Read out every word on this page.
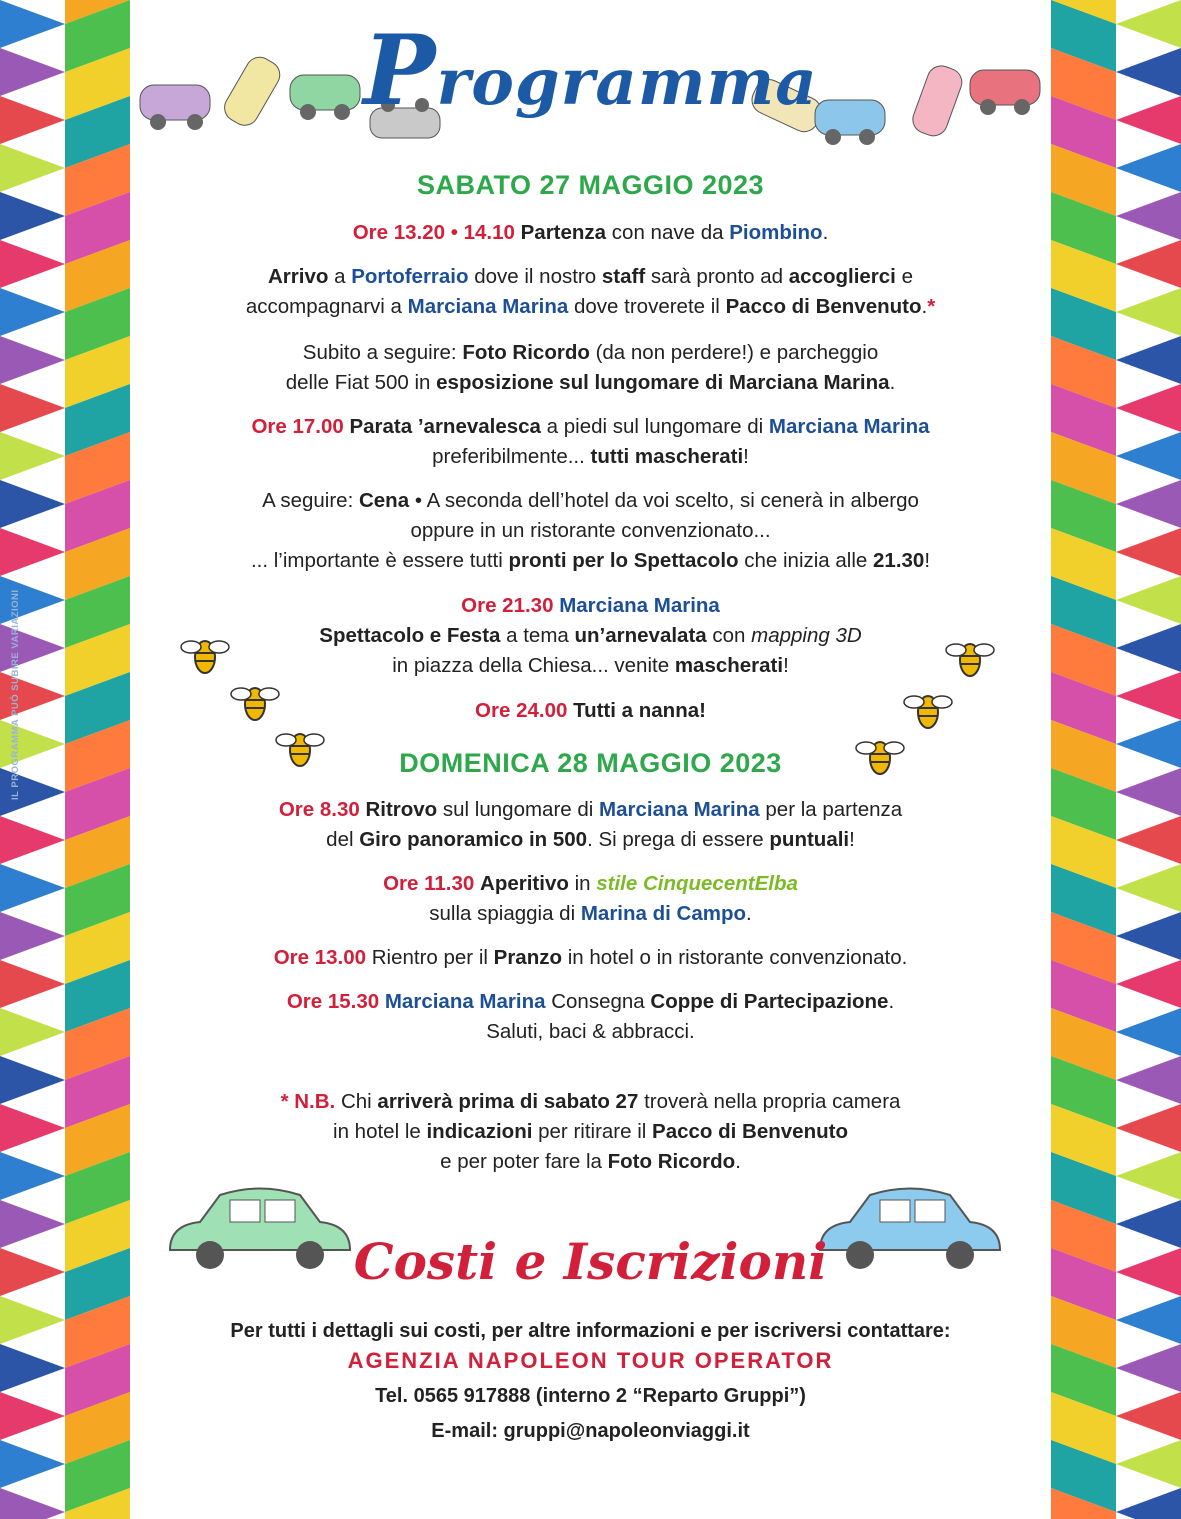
IL PROGRAMMA PUÒ SUBIRE VARIAZIONI
Programma
SABATO 27 MAGGIO 2023
Ore 13.20 • 14.10 Partenza con nave da Piombino.
Arrivo a Portoferraio dove il nostro staff sarà pronto ad accoglierci e
accompagnarvi a Marciana Marina dove troverete il Pacco di Benvenuto.*
Subito a seguire: Foto Ricordo (da non perdere!) e parcheggio
delle Fiat 500 in esposizione sul lungomare di Marciana Marina.
Ore 17.00 Parata ’arnevalesca a piedi sul lungomare di Marciana Marina
preferibilmente... tutti mascherati!
A seguire: Cena • A seconda dell’hotel da voi scelto, si cenerà in albergo
oppure in un ristorante convenzionato...
... l’importante è essere tutti pronti per lo Spettacolo che inizia alle 21.30!
Ore 21.30 Marciana Marina
Spettacolo e Festa a tema un’arnevalata con mapping 3D
in piazza della Chiesa... venite mascherati!
Ore 24.00 Tutti a nanna!
DOMENICA 28 MAGGIO 2023
Ore 8.30 Ritrovo sul lungomare di Marciana Marina per la partenza
del Giro panoramico in 500. Si prega di essere puntuali!
Ore 11.30 Aperitivo in stile CinquecentElba
sulla spiaggia di Marina di Campo.
Ore 13.00 Rientro per il Pranzo in hotel o in ristorante convenzionato.
Ore 15.30 Marciana Marina Consegna Coppe di Partecipazione.
Saluti, baci & abbracci.
* N.B. Chi arriverà prima di sabato 27 troverà nella propria camera
in hotel le indicazioni per ritirare il Pacco di Benvenuto
e per poter fare la Foto Ricordo.
Costi e Iscrizioni
Per tutti i dettagli sui costi, per altre informazioni e per iscriversi contattare:
AGENZIA NAPOLEON TOUR OPERATOR
Tel. 0565 917888 (interno 2 “Reparto Gruppi”)
E-mail: gruppi@napoleonviaggi.it
